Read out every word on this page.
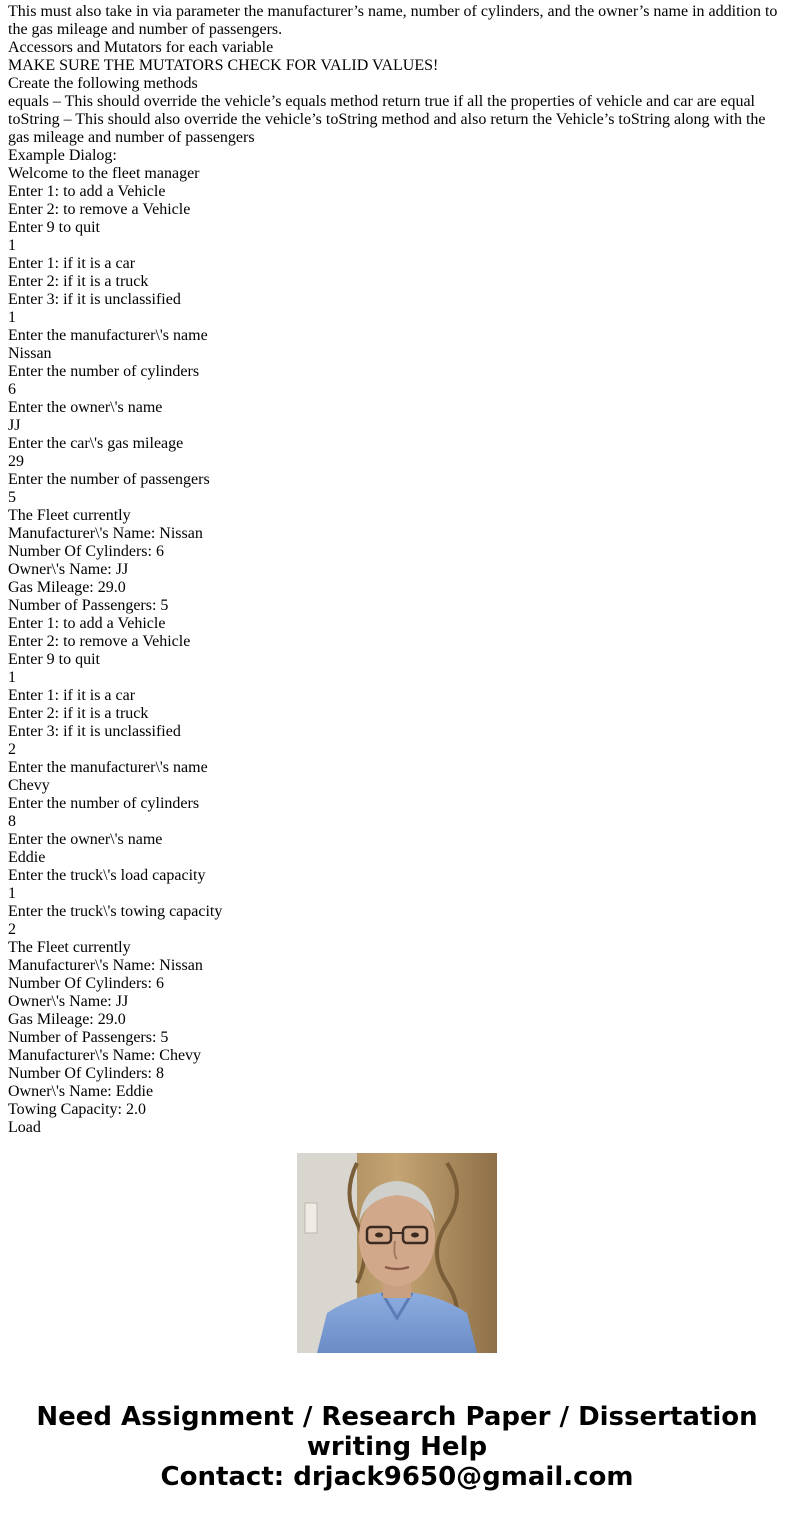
This must also take in via parameter the manufacturer’s name, number of cylinders, and the owner’s name in addition to the gas mileage and number of passengers.

Accessors and Mutators for each variable

MAKE SURE THE MUTATORS CHECK FOR VALID VALUES!

Create the following methods

equals – This should override the vehicle’s equals method return true if all the properties of vehicle and car are equal

toString – This should also override the vehicle’s toString method and also return the Vehicle’s toString along with the gas mileage and number of passengers

Example Dialog:
Welcome to the fleet manager
Enter 1: to add a Vehicle
Enter 2: to remove a Vehicle
Enter 9 to quit
1
Enter 1: if it is a car
Enter 2: if it is a truck
Enter 3: if it is unclassified
1
Enter the manufacturer\'s name
Nissan
Enter the number of cylinders
6
Enter the owner\'s name
JJ
Enter the car\'s gas mileage
29
Enter the number of passengers
5
The Fleet currently
Manufacturer\'s Name: Nissan
Number Of Cylinders: 6
Owner\'s Name: JJ
Gas Mileage: 29.0
Number of Passengers: 5
Enter 1: to add a Vehicle
Enter 2: to remove a Vehicle
Enter 9 to quit
1
Enter 1: if it is a car
Enter 2: if it is a truck
Enter 3: if it is unclassified
2
Enter the manufacturer\'s name
Chevy
Enter the number of cylinders
8
Enter the owner\'s name
Eddie
Enter the truck\'s load capacity
1
Enter the truck\'s towing capacity
2
The Fleet currently
Manufacturer\'s Name: Nissan
Number Of Cylinders: 6
Owner\'s Name: JJ
Gas Mileage: 29.0
Number of Passengers: 5
Manufacturer\'s Name: Chevy
Number Of Cylinders: 8
Owner\'s Name: Eddie
Towing Capacity: 2.0
Load
Need Assignment / Research Paper / Dissertation
writing Help
Contact: drjack9650@gmail.com
